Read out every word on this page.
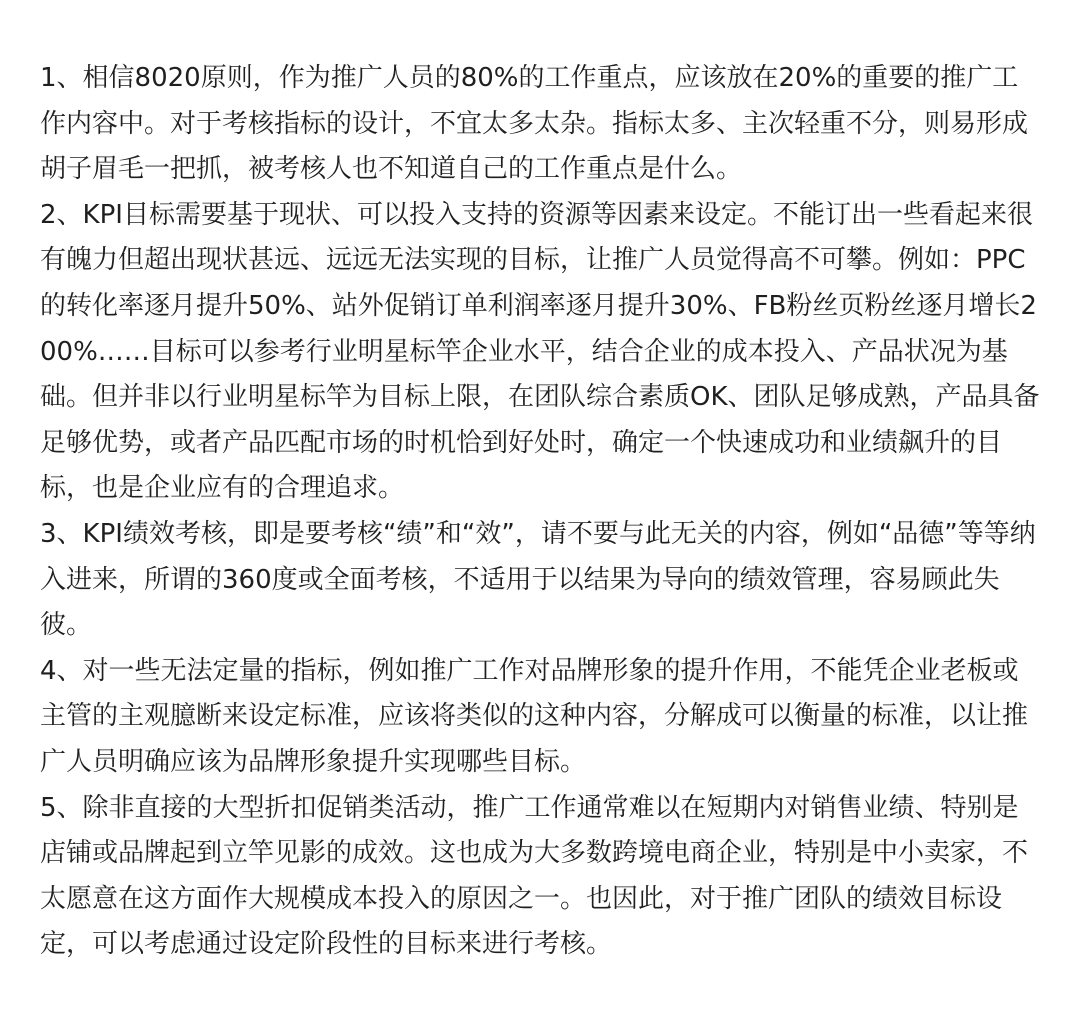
1、相信8020原则，作为推广人员的80%的工作重点，应该放在20%的重要的推广工作内容中。对于考核指标的设计，不宜太多太杂。指标太多、主次轻重不分，则易形成胡子眉毛一把抓，被考核人也不知道自己的工作重点是什么。

2、KPI目标需要基于现状、可以投入支持的资源等因素来设定。不能订出一些看起来很有魄力但超出现状甚远、远远无法实现的目标，让推广人员觉得高不可攀。例如：PPC的转化率逐月提升50%、站外促销订单利润率逐月提升30%、FB粉丝页粉丝逐月增长200%……目标可以参考行业明星标竿企业水平，结合企业的成本投入、产品状况为基础。但并非以行业明星标竿为目标上限，在团队综合素质OK、团队足够成熟，产品具备足够优势，或者产品匹配市场的时机恰到好处时，确定一个快速成功和业绩飙升的目标，也是企业应有的合理追求。

3、KPI绩效考核，即是要考核“绩”和“效”，请不要与此无关的内容，例如“品德”等等纳入进来，所谓的360度或全面考核，不适用于以结果为导向的绩效管理，容易顾此失彼。

4、对一些无法定量的指标，例如推广工作对品牌形象的提升作用，不能凭企业老板或主管的主观臆断来设定标准，应该将类似的这种内容，分解成可以衡量的标准，以让推广人员明确应该为品牌形象提升实现哪些目标。

5、除非直接的大型折扣促销类活动，推广工作通常难以在短期内对销售业绩、特别是店铺或品牌起到立竿见影的成效。这也成为大多数跨境电商企业，特别是中小卖家，不太愿意在这方面作大规模成本投入的原因之一。也因此，对于推广团队的绩效目标设定，可以考虑通过设定阶段性的目标来进行考核。
